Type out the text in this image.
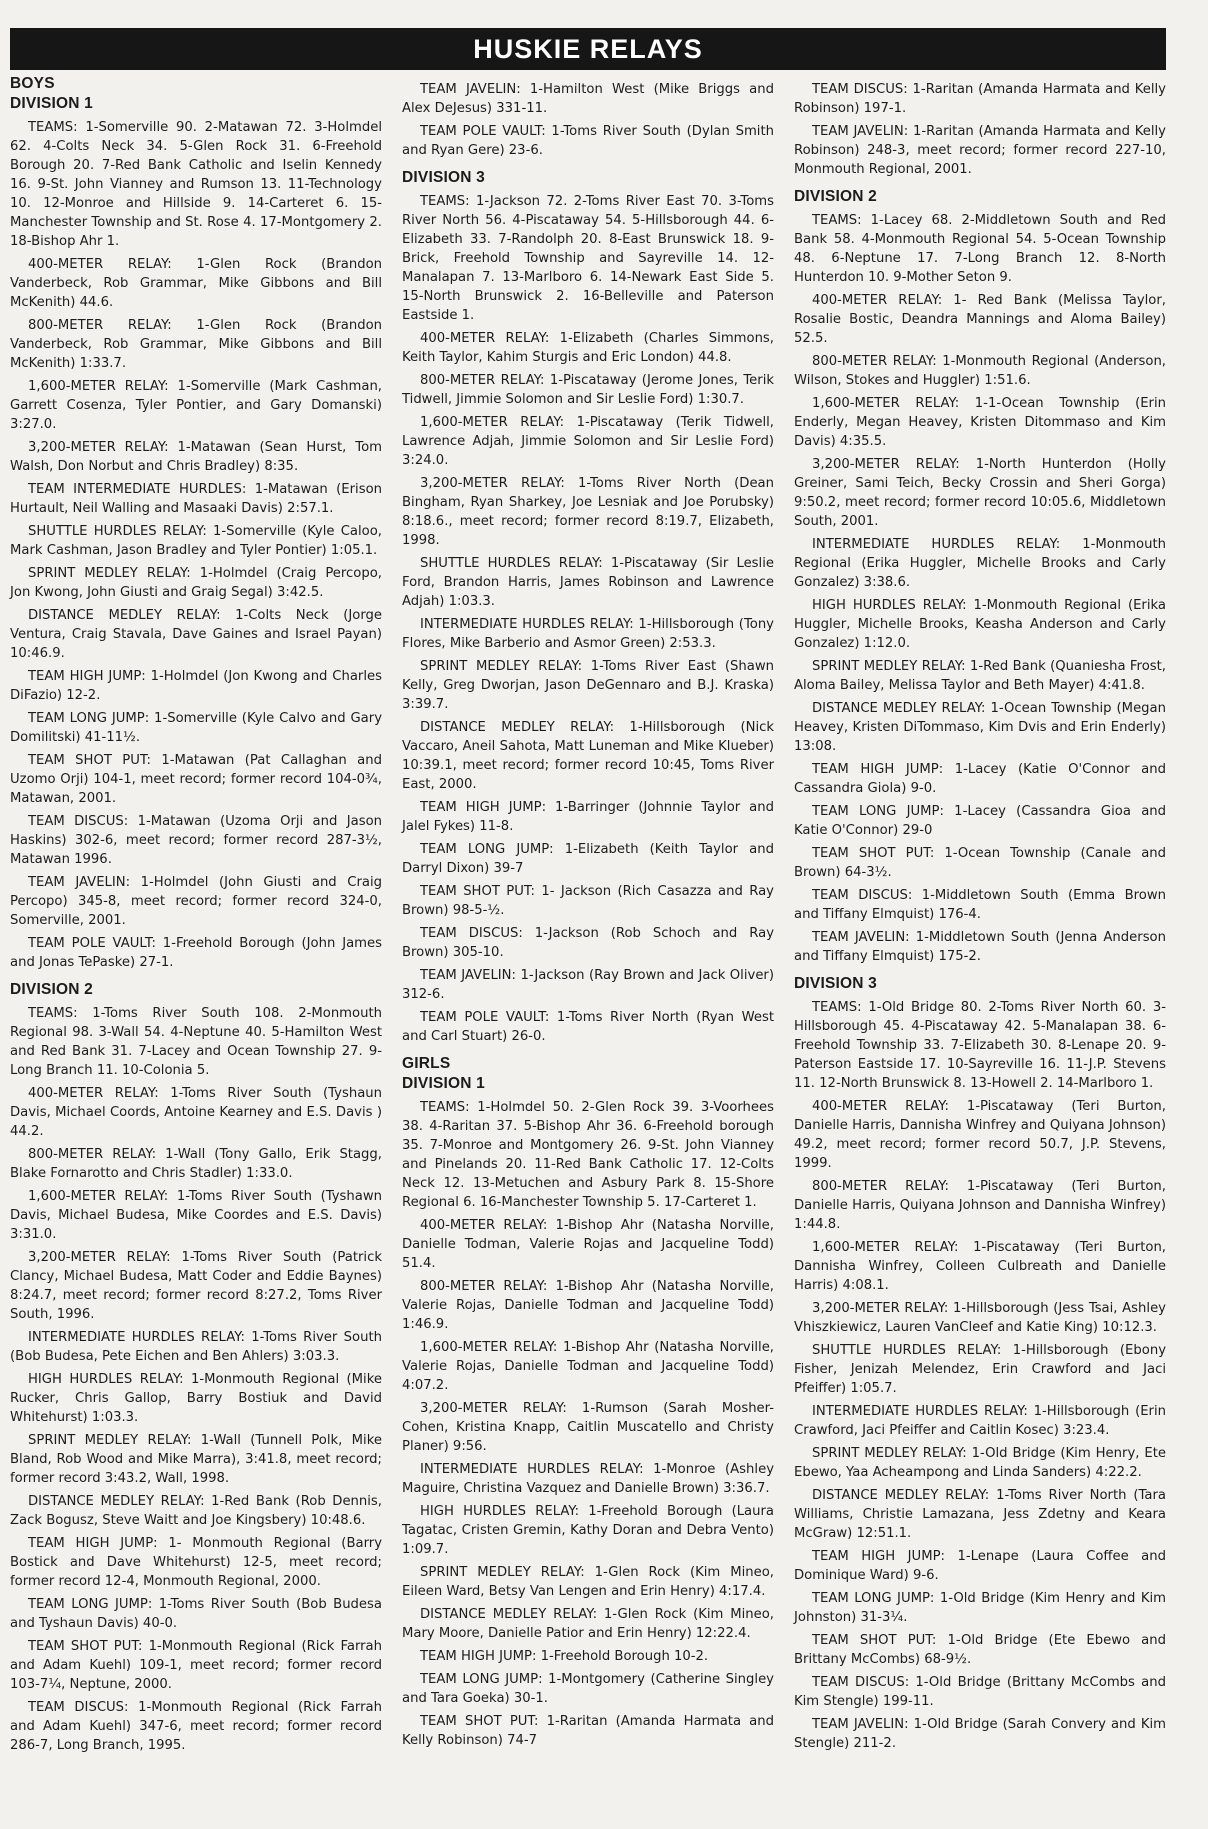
HUSKIE RELAYS
BOYS
DIVISION 1
TEAMS: 1-Somerville 90. 2-Matawan 72. 3-Holmdel 62. 4-Colts Neck 34. 5-Glen Rock 31. 6-Freehold Borough 20. 7-Red Bank Catholic and Iselin Kennedy 16. 9-St. John Vianney and Rumson 13. 11-Technology 10. 12-Monroe and Hillside 9. 14-Carteret 6. 15-Manchester Township and St. Rose 4. 17-Montgomery 2. 18-Bishop Ahr 1.
400-METER RELAY: 1-Glen Rock (Brandon Vanderbeck, Rob Grammar, Mike Gibbons and Bill McKenith) 44.6.
800-METER RELAY: 1-Glen Rock (Brandon Vanderbeck, Rob Grammar, Mike Gibbons and Bill McKenith) 1:33.7.
1,600-METER RELAY: 1-Somerville (Mark Cashman, Garrett Cosenza, Tyler Pontier, and Gary Domanski) 3:27.0.
3,200-METER RELAY: 1-Matawan (Sean Hurst, Tom Walsh, Don Norbut and Chris Bradley) 8:35.
TEAM INTERMEDIATE HURDLES: 1-Matawan (Erison Hurtault, Neil Walling and Masaaki Davis) 2:57.1.
SHUTTLE HURDLES RELAY: 1-Somerville (Kyle Caloo, Mark Cashman, Jason Bradley and Tyler Pontier) 1:05.1.
SPRINT MEDLEY RELAY: 1-Holmdel (Craig Percopo, Jon Kwong, John Giusti and Graig Segal) 3:42.5.
DISTANCE MEDLEY RELAY: 1-Colts Neck (Jorge Ventura, Craig Stavala, Dave Gaines and Israel Payan) 10:46.9.
TEAM HIGH JUMP: 1-Holmdel (Jon Kwong and Charles DiFazio) 12-2.
TEAM LONG JUMP: 1-Somerville (Kyle Calvo and Gary Domilitski) 41-11½.
TEAM SHOT PUT: 1-Matawan (Pat Callaghan and Uzomo Orji) 104-1, meet record; former record 104-0¾, Matawan, 2001.
TEAM DISCUS: 1-Matawan (Uzoma Orji and Jason Haskins) 302-6, meet record; former record 287-3½, Matawan 1996.
TEAM JAVELIN: 1-Holmdel (John Giusti and Craig Percopo) 345-8, meet record; former record 324-0, Somerville, 2001.
TEAM POLE VAULT: 1-Freehold Borough (John James and Jonas TePaske) 27-1.
DIVISION 2
TEAMS: 1-Toms River South 108. 2-Monmouth Regional 98. 3-Wall 54. 4-Neptune 40. 5-Hamilton West and Red Bank 31. 7-Lacey and Ocean Township 27. 9-Long Branch 11. 10-Colonia 5.
400-METER RELAY: 1-Toms River South (Tyshaun Davis, Michael Coords, Antoine Kearney and E.S. Davis ) 44.2.
800-METER RELAY: 1-Wall (Tony Gallo, Erik Stagg, Blake Fornarotto and Chris Stadler) 1:33.0.
1,600-METER RELAY: 1-Toms River South (Tyshawn Davis, Michael Budesa, Mike Coordes and E.S. Davis) 3:31.0.
3,200-METER RELAY: 1-Toms River South (Patrick Clancy, Michael Budesa, Matt Coder and Eddie Baynes) 8:24.7, meet record; former record 8:27.2, Toms River South, 1996.
INTERMEDIATE HURDLES RELAY: 1-Toms River South (Bob Budesa, Pete Eichen and Ben Ahlers) 3:03.3.
HIGH HURDLES RELAY: 1-Monmouth Regional (Mike Rucker, Chris Gallop, Barry Bostiuk and David Whitehurst) 1:03.3.
SPRINT MEDLEY RELAY: 1-Wall (Tunnell Polk, Mike Bland, Rob Wood and Mike Marra), 3:41.8, meet record; former record 3:43.2, Wall, 1998.
DISTANCE MEDLEY RELAY: 1-Red Bank (Rob Dennis, Zack Bogusz, Steve Waitt and Joe Kingsbery) 10:48.6.
TEAM HIGH JUMP: 1- Monmouth Regional (Barry Bostick and Dave Whitehurst) 12-5, meet record; former record 12-4, Monmouth Regional, 2000.
TEAM LONG JUMP: 1-Toms River South (Bob Budesa and Tyshaun Davis) 40-0.
TEAM SHOT PUT: 1-Monmouth Regional (Rick Farrah and Adam Kuehl) 109-1, meet record; former record 103-7¼, Neptune, 2000.
TEAM DISCUS: 1-Monmouth Regional (Rick Farrah and Adam Kuehl) 347-6, meet record; former record 286-7, Long Branch, 1995.
TEAM JAVELIN: 1-Hamilton West (Mike Briggs and Alex DeJesus) 331-11.
TEAM POLE VAULT: 1-Toms River South (Dylan Smith and Ryan Gere) 23-6.
DIVISION 3
TEAMS: 1-Jackson 72. 2-Toms River East 70. 3-Toms River North 56. 4-Piscataway 54. 5-Hillsborough 44. 6-Elizabeth 33. 7-Randolph 20. 8-East Brunswick 18. 9-Brick, Freehold Township and Sayreville 14. 12-Manalapan 7. 13-Marlboro 6. 14-Newark East Side 5. 15-North Brunswick 2. 16-Belleville and Paterson Eastside 1.
400-METER RELAY: 1-Elizabeth (Charles Simmons, Keith Taylor, Kahim Sturgis and Eric London) 44.8.
800-METER RELAY: 1-Piscataway (Jerome Jones, Terik Tidwell, Jimmie Solomon and Sir Leslie Ford) 1:30.7.
1,600-METER RELAY: 1-Piscataway (Terik Tidwell, Lawrence Adjah, Jimmie Solomon and Sir Leslie Ford) 3:24.0.
3,200-METER RELAY: 1-Toms River North (Dean Bingham, Ryan Sharkey, Joe Lesniak and Joe Porubsky) 8:18.6., meet record; former record 8:19.7, Elizabeth, 1998.
SHUTTLE HURDLES RELAY: 1-Piscataway (Sir Leslie Ford, Brandon Harris, James Robinson and Lawrence Adjah) 1:03.3.
INTERMEDIATE HURDLES RELAY: 1-Hillsborough (Tony Flores, Mike Barberio and Asmor Green) 2:53.3.
SPRINT MEDLEY RELAY: 1-Toms River East (Shawn Kelly, Greg Dworjan, Jason DeGennaro and B.J. Kraska) 3:39.7.
DISTANCE MEDLEY RELAY: 1-Hillsborough (Nick Vaccaro, Aneil Sahota, Matt Luneman and Mike Klueber) 10:39.1, meet record; former record 10:45, Toms River East, 2000.
TEAM HIGH JUMP: 1-Barringer (Johnnie Taylor and Jalel Fykes) 11-8.
TEAM LONG JUMP: 1-Elizabeth (Keith Taylor and Darryl Dixon) 39-7
TEAM SHOT PUT: 1- Jackson (Rich Casazza and Ray Brown) 98-5-½.
TEAM DISCUS: 1-Jackson (Rob Schoch and Ray Brown) 305-10.
TEAM JAVELIN: 1-Jackson (Ray Brown and Jack Oliver) 312-6.
TEAM POLE VAULT: 1-Toms River North (Ryan West and Carl Stuart) 26-0.
GIRLS
DIVISION 1
TEAMS: 1-Holmdel 50. 2-Glen Rock 39. 3-Voorhees 38. 4-Raritan 37. 5-Bishop Ahr 36. 6-Freehold borough 35. 7-Monroe and Montgomery 26. 9-St. John Vianney and Pinelands 20. 11-Red Bank Catholic 17. 12-Colts Neck 12. 13-Metuchen and Asbury Park 8. 15-Shore Regional 6. 16-Manchester Township 5. 17-Carteret 1.
400-METER RELAY: 1-Bishop Ahr (Natasha Norville, Danielle Todman, Valerie Rojas and Jacqueline Todd) 51.4.
800-METER RELAY: 1-Bishop Ahr (Natasha Norville, Valerie Rojas, Danielle Todman and Jacqueline Todd) 1:46.9.
1,600-METER RELAY: 1-Bishop Ahr (Natasha Norville, Valerie Rojas, Danielle Todman and Jacqueline Todd) 4:07.2.
3,200-METER RELAY: 1-Rumson (Sarah Mosher-Cohen, Kristina Knapp, Caitlin Muscatello and Christy Planer) 9:56.
INTERMEDIATE HURDLES RELAY: 1-Monroe (Ashley Maguire, Christina Vazquez and Danielle Brown) 3:36.7.
HIGH HURDLES RELAY: 1-Freehold Borough (Laura Tagatac, Cristen Gremin, Kathy Doran and Debra Vento) 1:09.7.
SPRINT MEDLEY RELAY: 1-Glen Rock (Kim Mineo, Eileen Ward, Betsy Van Lengen and Erin Henry) 4:17.4.
DISTANCE MEDLEY RELAY: 1-Glen Rock (Kim Mineo, Mary Moore, Danielle Patior and Erin Henry) 12:22.4.
TEAM HIGH JUMP: 1-Freehold Borough 10-2.
TEAM LONG JUMP: 1-Montgomery (Catherine Singley and Tara Goeka) 30-1.
TEAM SHOT PUT: 1-Raritan (Amanda Harmata and Kelly Robinson) 74-7
TEAM DISCUS: 1-Raritan (Amanda Harmata and Kelly Robinson) 197-1.
TEAM JAVELIN: 1-Raritan (Amanda Harmata and Kelly Robinson) 248-3, meet record; former record 227-10, Monmouth Regional, 2001.
DIVISION 2
TEAMS: 1-Lacey 68. 2-Middletown South and Red Bank 58. 4-Monmouth Regional 54. 5-Ocean Township 48. 6-Neptune 17. 7-Long Branch 12. 8-North Hunterdon 10. 9-Mother Seton 9.
400-METER RELAY: 1- Red Bank (Melissa Taylor, Rosalie Bostic, Deandra Mannings and Aloma Bailey) 52.5.
800-METER RELAY: 1-Monmouth Regional (Anderson, Wilson, Stokes and Huggler) 1:51.6.
1,600-METER RELAY: 1-1-Ocean Township (Erin Enderly, Megan Heavey, Kristen Ditommaso and Kim Davis) 4:35.5.
3,200-METER RELAY: 1-North Hunterdon (Holly Greiner, Sami Teich, Becky Crossin and Sheri Gorga) 9:50.2, meet record; former record 10:05.6, Middletown South, 2001.
INTERMEDIATE HURDLES RELAY: 1-Monmouth Regional (Erika Huggler, Michelle Brooks and Carly Gonzalez) 3:38.6.
HIGH HURDLES RELAY: 1-Monmouth Regional (Erika Huggler, Michelle Brooks, Keasha Anderson and Carly Gonzalez) 1:12.0.
SPRINT MEDLEY RELAY: 1-Red Bank (Quaniesha Frost, Aloma Bailey, Melissa Taylor and Beth Mayer) 4:41.8.
DISTANCE MEDLEY RELAY: 1-Ocean Township (Megan Heavey, Kristen DiTommaso, Kim Dvis and Erin Enderly) 13:08.
TEAM HIGH JUMP: 1-Lacey (Katie O'Connor and Cassandra Giola) 9-0.
TEAM LONG JUMP: 1-Lacey (Cassandra Gioa and Katie O'Connor) 29-0
TEAM SHOT PUT: 1-Ocean Township (Canale and Brown) 64-3½.
TEAM DISCUS: 1-Middletown South (Emma Brown and Tiffany Elmquist) 176-4.
TEAM JAVELIN: 1-Middletown South (Jenna Anderson and Tiffany Elmquist) 175-2.
DIVISION 3
TEAMS: 1-Old Bridge 80. 2-Toms River North 60. 3-Hillsborough 45. 4-Piscataway 42. 5-Manalapan 38. 6-Freehold Township 33. 7-Elizabeth 30. 8-Lenape 20. 9-Paterson Eastside 17. 10-Sayreville 16. 11-J.P. Stevens 11. 12-North Brunswick 8. 13-Howell 2. 14-Marlboro 1.
400-METER RELAY: 1-Piscataway (Teri Burton, Danielle Harris, Dannisha Winfrey and Quiyana Johnson) 49.2, meet record; former record 50.7, J.P. Stevens, 1999.
800-METER RELAY: 1-Piscataway (Teri Burton, Danielle Harris, Quiyana Johnson and Dannisha Winfrey) 1:44.8.
1,600-METER RELAY: 1-Piscataway (Teri Burton, Dannisha Winfrey, Colleen Culbreath and Danielle Harris) 4:08.1.
3,200-METER RELAY: 1-Hillsborough (Jess Tsai, Ashley Vhiszkiewicz, Lauren VanCleef and Katie King) 10:12.3.
SHUTTLE HURDLES RELAY: 1-Hillsborough (Ebony Fisher, Jenizah Melendez, Erin Crawford and Jaci Pfeiffer) 1:05.7.
INTERMEDIATE HURDLES RELAY: 1-Hillsborough (Erin Crawford, Jaci Pfeiffer and Caitlin Kosec) 3:23.4.
SPRINT MEDLEY RELAY: 1-Old Bridge (Kim Henry, Ete Ebewo, Yaa Acheampong and Linda Sanders) 4:22.2.
DISTANCE MEDLEY RELAY: 1-Toms River North (Tara Williams, Christie Lamazana, Jess Zdetny and Keara McGraw) 12:51.1.
TEAM HIGH JUMP: 1-Lenape (Laura Coffee and Dominique Ward) 9-6.
TEAM LONG JUMP: 1-Old Bridge (Kim Henry and Kim Johnston) 31-3¼.
TEAM SHOT PUT: 1-Old Bridge (Ete Ebewo and Brittany McCombs) 68-9½.
TEAM DISCUS: 1-Old Bridge (Brittany McCombs and Kim Stengle) 199-11.
TEAM JAVELIN: 1-Old Bridge (Sarah Convery and Kim Stengle) 211-2.
